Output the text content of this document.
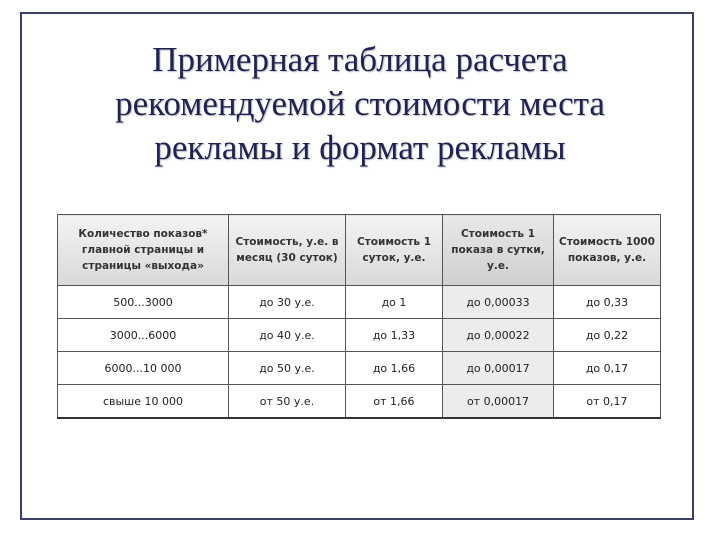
Примерная таблица расчета
рекомендуемой стоимости места
рекламы и формат рекламы
Количество показов* главной страницы и страницы «выхода»	Стоимость, у.е. в месяц (30 суток)	Стоимость 1 суток, у.е.	Стоимость 1 показа в сутки, у.е.	Стоимость 1000 показов, у.е.
500...3000	до 30 у.е.	до 1	до 0,00033	до 0,33
3000...6000	до 40 у.е.	до 1,33	до 0,00022	до 0,22
6000...10 000	до 50 у.е.	до 1,66	до 0,00017	до 0,17
свыше 10 000	от 50 у.е.	от 1,66	от 0,00017	от 0,17
